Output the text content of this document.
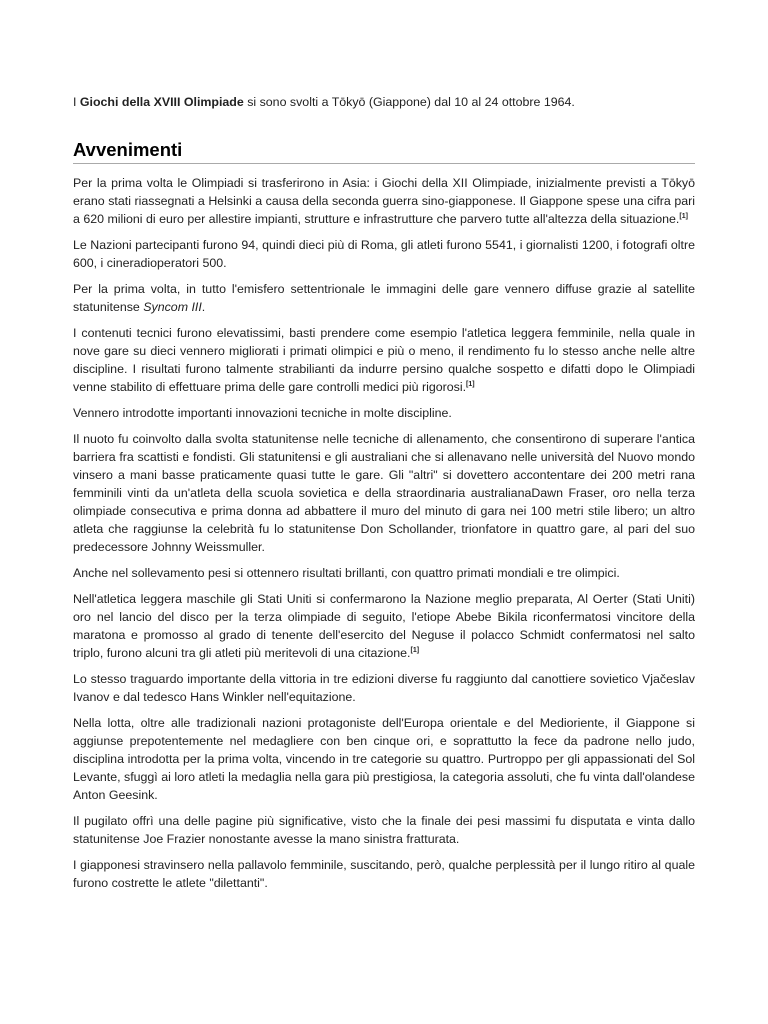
I Giochi della XVIII Olimpiade si sono svolti a Tōkyō (Giappone) dal 10 al 24 ottobre 1964.

Avvenimenti

Per la prima volta le Olimpiadi si trasferirono in Asia: i Giochi della XII Olimpiade, inizialmente previsti a Tōkyō erano stati riassegnati a Helsinki a causa della seconda guerra sino-giapponese. Il Giappone spese una cifra pari a 620 milioni di euro per allestire impianti, strutture e infrastrutture che parvero tutte all'altezza della situazione.[1]

Le Nazioni partecipanti furono 94, quindi dieci più di Roma, gli atleti furono 5541, i giornalisti 1200, i fotografi oltre 600, i cineradioperatori 500.

Per la prima volta, in tutto l'emisfero settentrionale le immagini delle gare vennero diffuse grazie al satellite statunitense Syncom III.

I contenuti tecnici furono elevatissimi, basti prendere come esempio l'atletica leggera femminile, nella quale in nove gare su dieci vennero migliorati i primati olimpici e più o meno, il rendimento fu lo stesso anche nelle altre discipline. I risultati furono talmente strabilianti da indurre persino qualche sospetto e difatti dopo le Olimpiadi venne stabilito di effettuare prima delle gare controlli medici più rigorosi.[1]

Vennero introdotte importanti innovazioni tecniche in molte discipline.

Il nuoto fu coinvolto dalla svolta statunitense nelle tecniche di allenamento, che consentirono di superare l'antica barriera fra scattisti e fondisti. Gli statunitensi e gli australiani che si allenavano nelle università del Nuovo mondo vinsero a mani basse praticamente quasi tutte le gare. Gli "altri" si dovettero accontentare dei 200 metri rana femminili vinti da un'atleta della scuola sovietica e della straordinaria australianaDawn Fraser, oro nella terza olimpiade consecutiva e prima donna ad abbattere il muro del minuto di gara nei 100 metri stile libero; un altro atleta che raggiunse la celebrità fu lo statunitense Don Schollander, trionfatore in quattro gare, al pari del suo predecessore Johnny Weissmuller.

Anche nel sollevamento pesi si ottennero risultati brillanti, con quattro primati mondiali e tre olimpici.

Nell'atletica leggera maschile gli Stati Uniti si confermarono la Nazione meglio preparata, Al Oerter (Stati Uniti) oro nel lancio del disco per la terza olimpiade di seguito, l'etiope Abebe Bikila riconfermatosi vincitore della maratona e promosso al grado di tenente dell'esercito del Neguse il polacco Schmidt confermatosi nel salto triplo, furono alcuni tra gli atleti più meritevoli di una citazione.[1]

Lo stesso traguardo importante della vittoria in tre edizioni diverse fu raggiunto dal canottiere sovietico Vjačeslav Ivanov e dal tedesco Hans Winkler nell'equitazione.

Nella lotta, oltre alle tradizionali nazioni protagoniste dell'Europa orientale e del Medioriente, il Giappone si aggiunse prepotentemente nel medagliere con ben cinque ori, e soprattutto la fece da padrone nello judo, disciplina introdotta per la prima volta, vincendo in tre categorie su quattro. Purtroppo per gli appassionati del Sol Levante, sfuggì ai loro atleti la medaglia nella gara più prestigiosa, la categoria assoluti, che fu vinta dall'olandese Anton Geesink.

Il pugilato offrì una delle pagine più significative, visto che la finale dei pesi massimi fu disputata e vinta dallo statunitense Joe Frazier nonostante avesse la mano sinistra fratturata.

I giapponesi stravinsero nella pallavolo femminile, suscitando, però, qualche perplessità per il lungo ritiro al quale furono costrette le atlete "dilettanti".
